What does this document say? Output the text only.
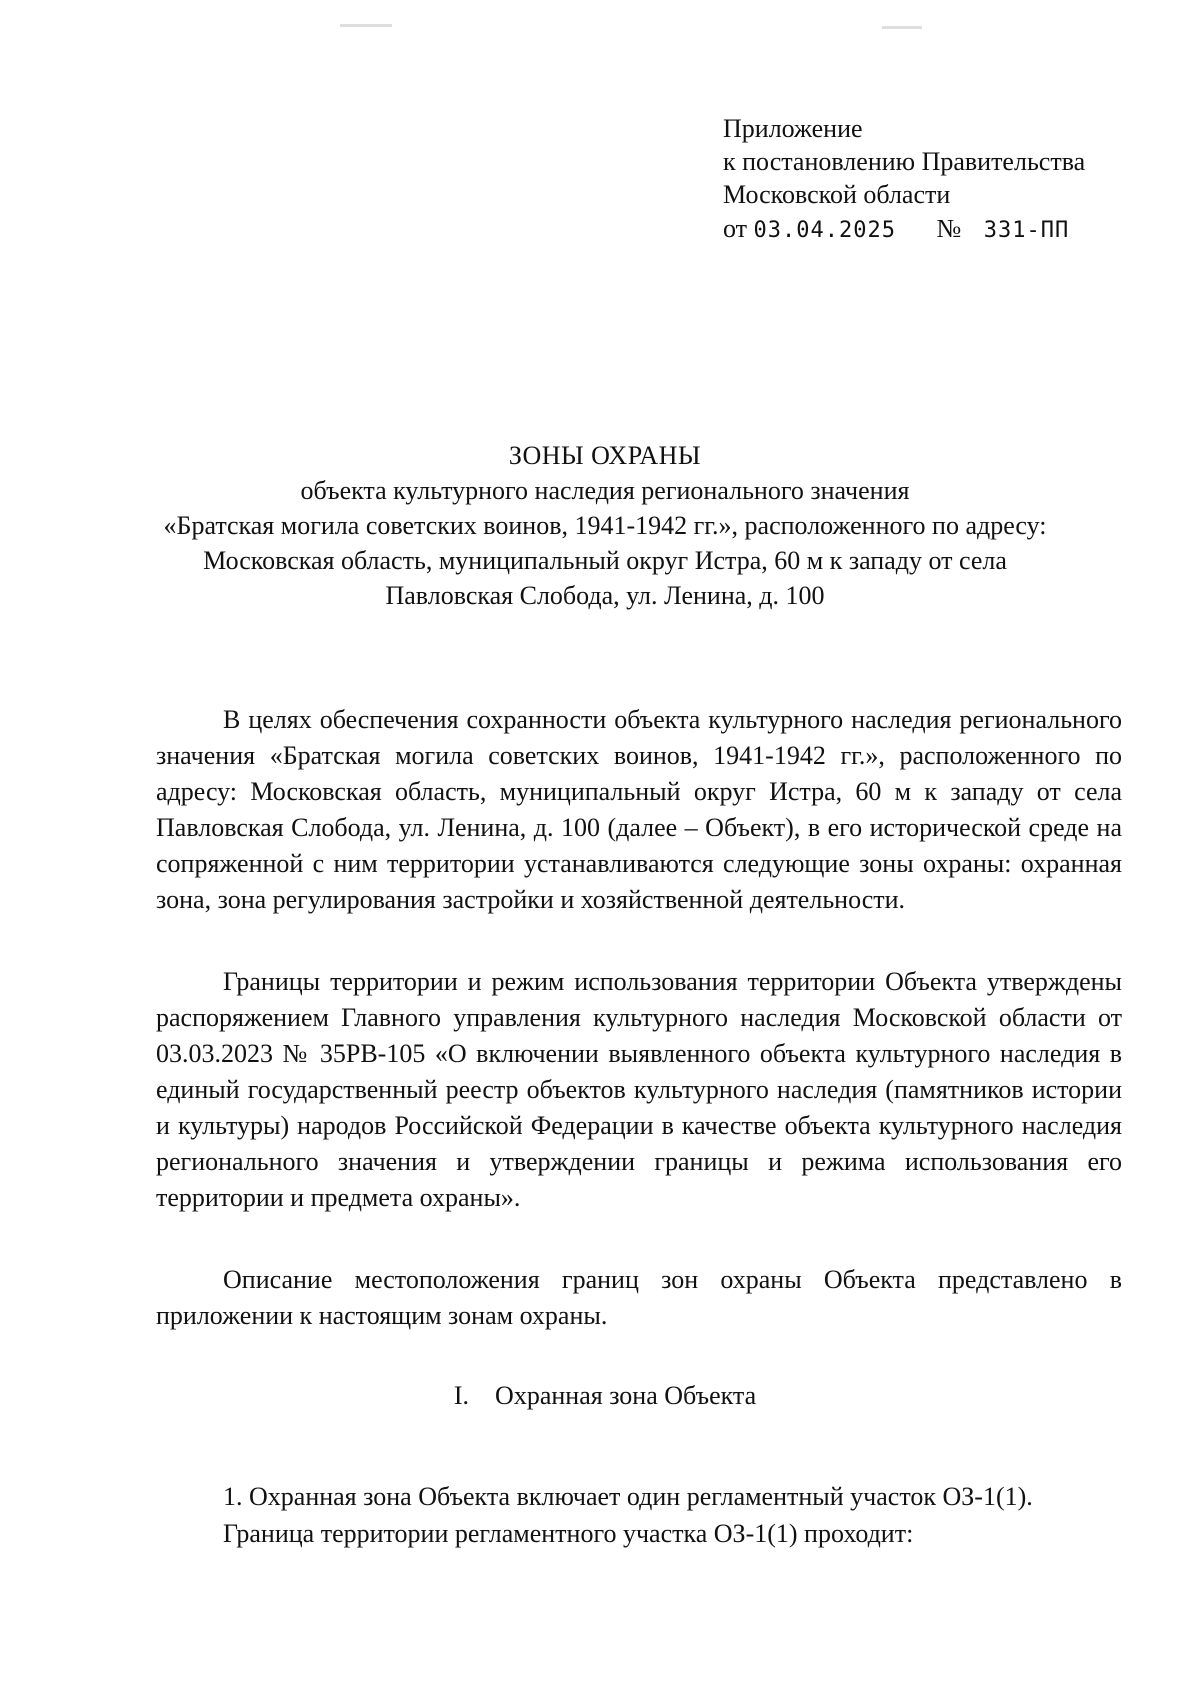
Приложение
к постановлению Правительства
Московской области
от 03.04.2025 № 331-ПП
ЗОНЫ ОХРАНЫ
объекта культурного наследия регионального значения
«Братская могила советских воинов, 1941-1942 гг.», расположенного по адресу:
Московская область, муниципальный округ Истра, 60 м к западу от села
Павловская Слобода, ул. Ленина, д. 100

В целях обеспечения сохранности объекта культурного наследия регионального значения «Братская могила советских воинов, 1941-1942 гг.», расположенного по адресу: Московская область, муниципальный округ Истра, 60 м к западу от села Павловская Слобода, ул. Ленина, д. 100 (далее – Объект), в его исторической среде на сопряженной с ним территории устанавливаются следующие зоны охраны: охранная зона, зона регулирования застройки и хозяйственной деятельности.

Границы территории и режим использования территории Объекта утверждены распоряжением Главного управления культурного наследия Московской области от 03.03.2023 № 35РВ-105 «О включении выявленного объекта культурного наследия в единый государственный реестр объектов культурного наследия (памятников истории и культуры) народов Российской Федерации в качестве объекта культурного наследия регионального значения и утверждении границы и режима использования его территории и предмета охраны».

Описание местоположения границ зон охраны Объекта представлено в приложении к настоящим зонам охраны.

I. Охранная зона Объекта
1. Охранная зона Объекта включает один регламентный участок ОЗ-1(1).
Граница территории регламентного участка ОЗ-1(1) проходит:
